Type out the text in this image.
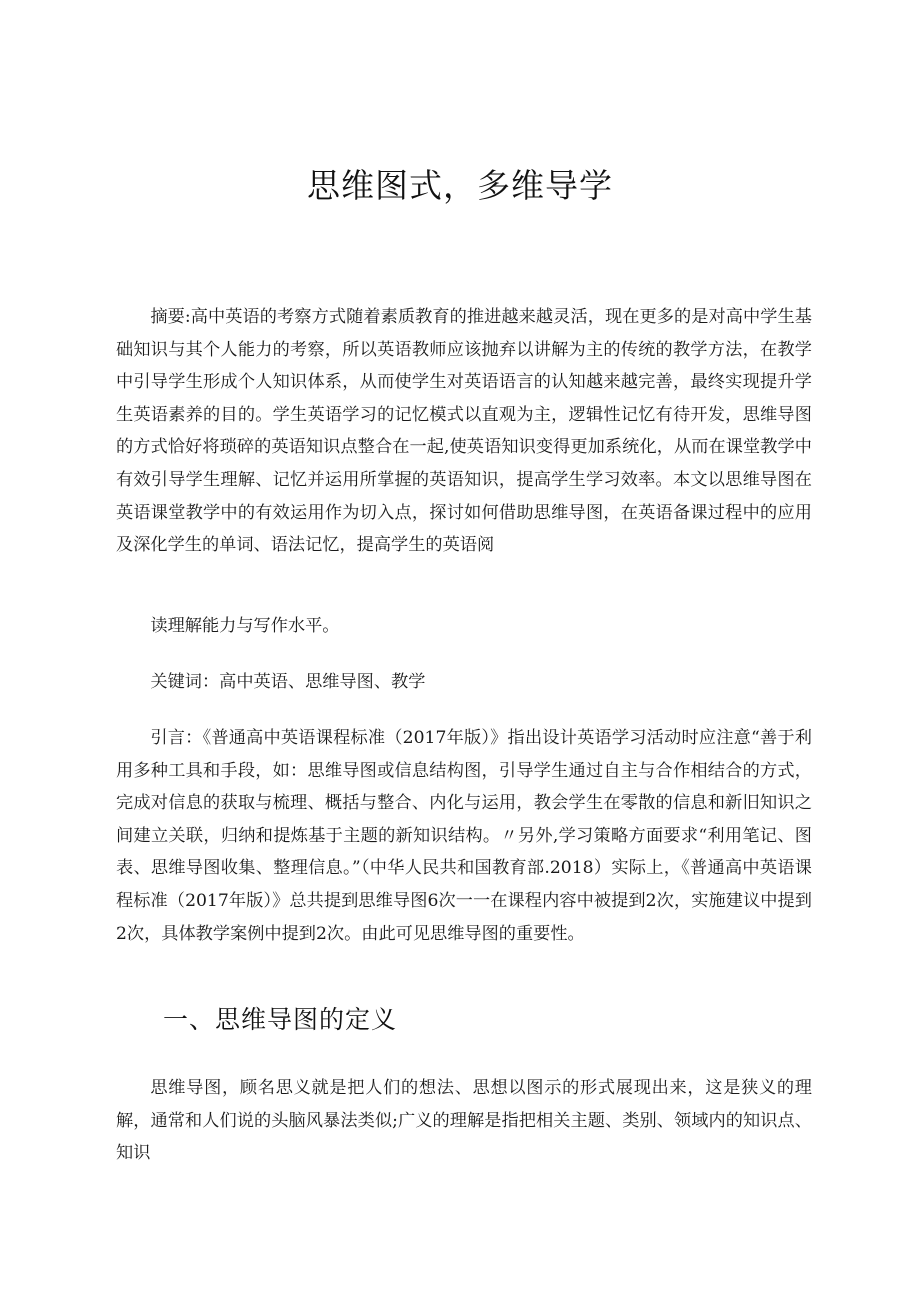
思维图式，多维导学

摘要:高中英语的考察方式随着素质教育的推进越来越灵活，现在更多的是对高中学生基础知识与其个人能力的考察，所以英语教师应该抛弃以讲解为主的传统的教学方法，在教学中引导学生形成个人知识体系，从而使学生对英语语言的认知越来越完善，最终实现提升学生英语素养的目的。学生英语学习的记忆模式以直观为主，逻辑性记忆有待开发，思维导图的方式恰好将琐碎的英语知识点整合在一起,使英语知识变得更加系统化，从而在课堂教学中有效引导学生理解、记忆并运用所掌握的英语知识，提高学生学习效率。本文以思维导图在英语课堂教学中的有效运用作为切入点，探讨如何借助思维导图，在英语备课过程中的应用及深化学生的单词、语法记忆，提高学生的英语阅

读理解能力与写作水平。

关键词：高中英语、思维导图、教学

引言：《普通高中英语课程标准（2017年版）》指出设计英语学习活动时应注意“善于利用多种工具和手段，如：思维导图或信息结构图，引导学生通过自主与合作相结合的方式，完成对信息的获取与梳理、概括与整合、内化与运用，教会学生在零散的信息和新旧知识之间建立关联，归纳和提炼基于主题的新知识结构。〃另外,学习策略方面要求“利用笔记、图表、思维导图收集、整理信息。”（中华人民共和国教育部.2018）实际上，《普通高中英语课程标准（2017年版）》总共提到思维导图6次一一在课程内容中被提到2次，实施建议中提到2次，具体教学案例中提到2次。由此可见思维导图的重要性。

一、思维导图的定义

思维导图，顾名思义就是把人们的想法、思想以图示的形式展现出来，这是狭义的理解，通常和人们说的头脑风暴法类似;广义的理解是指把相关主题、类别、领域内的知识点、知识
